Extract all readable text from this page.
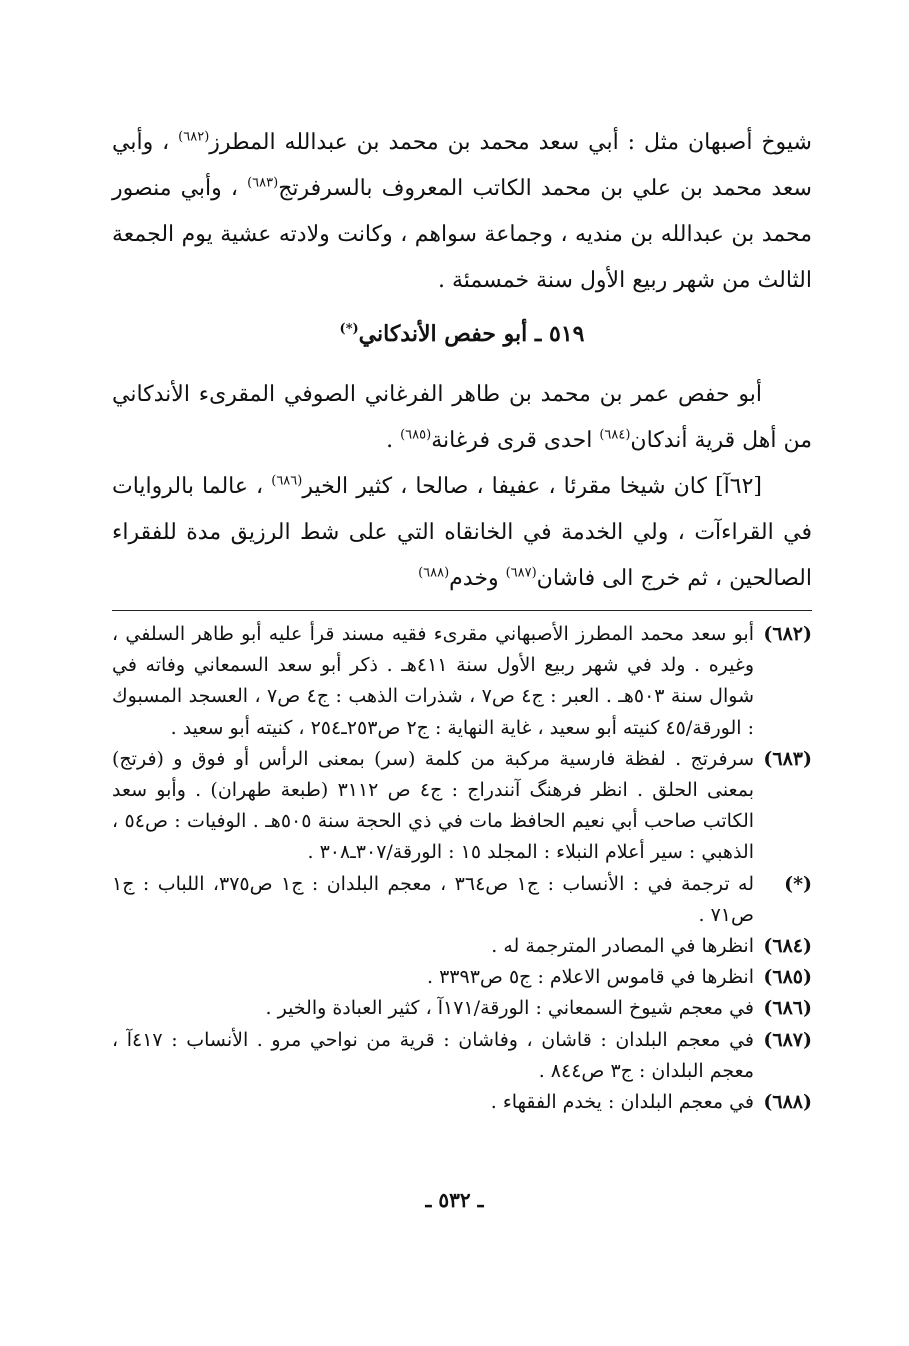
شيوخ أصبهان مثل : أبي سعد محمد بن محمد بن عبدالله المطرز$^{(٦٨٢)}$ ، وأبي سعد محمد بن علي بن محمد الكاتب المعروف بالسرفرتج$^{(٦٨٣)}$ ، وأبي منصور محمد بن عبدالله بن منديه ، وجماعة سواهم ، وكانت ولادته عشية يوم الجمعة الثالث من شهر ربيع الأول سنة خمسمئة .

٥١٩ ـ أبو حفص الأندكاني(*)

أبو حفص عمر بن محمد بن طاهر الفرغاني الصوفي المقرىء الأندكاني من أهل قرية أندكان$^{(٦٨٤)}$ احدى قرى فرغانة$^{(٦٨٥)}$ .

[٦٢آ] كان شيخا مقرئا ، عفيفا ، صالحا ، كثير الخير$^{(٦٨٦)}$ ، عالما بالروايات في القراءآت ، ولي الخدمة في الخانقاه التي على شط الرزيق مدة للفقراء الصالحين ، ثم خرج الى فاشان$^{(٦٨٧)}$ وخدم$^{(٦٨٨)}$

(٦٨٢)
أبو سعد محمد المطرز الأصبهاني مقرىء فقيه مسند قرأ عليه أبو طاهر السلفي ، وغيره . ولد في شهر ربيع الأول سنة ٤١١هـ . ذكر أبو سعد السمعاني وفاته في شوال سنة ٥٠٣هـ . العبر : ج٤ ص٧ ، شذرات الذهب : ج٤ ص٧ ، العسجد المسبوك : الورقة/٤٥ كنيته أبو سعيد ، غاية النهاية : ج٢ ص٢٥٣ـ٢٥٤ ، كنيته أبو سعيد .

(٦٨٣)
سرفرتج . لفظة فارسية مركبة من كلمة (سر) بمعنى الرأس أو فوق و (فرتج) بمعنى الحلق . انظر فرهنگ آنندراج : ج٤ ص ٣١١٢ (طبعة طهران) . وأبو سعد الكاتب صاحب أبي نعيم الحافظ مات في ذي الحجة سنة ٥٠٥هـ . الوفيات : ص٥٤ ، الذهبي : سير أعلام النبلاء : المجلد ١٥ : الورقة/٣٠٧ـ٣٠٨ .

(*)
له ترجمة في : الأنساب : ج١ ص٣٦٤ ، معجم البلدان : ج١ ص٣٧٥، اللباب : ج١ ص٧١ .

(٦٨٤)
انظرها في المصادر المترجمة له .

(٦٨٥)
انظرها في قاموس الاعلام : ج٥ ص٣٣٩٣ .

(٦٨٦)
في معجم شيوخ السمعاني : الورقة/١٧١آ ، كثير العبادة والخير .

(٦٨٧)
في معجم البلدان : قاشان ، وفاشان : قرية من نواحي مرو . الأنساب : ٤١٧آ ، معجم البلدان : ج٣ ص٨٤٤ .

(٦٨٨)
في معجم البلدان : يخدم الفقهاء .

ـ ٥٣٢ ـ
